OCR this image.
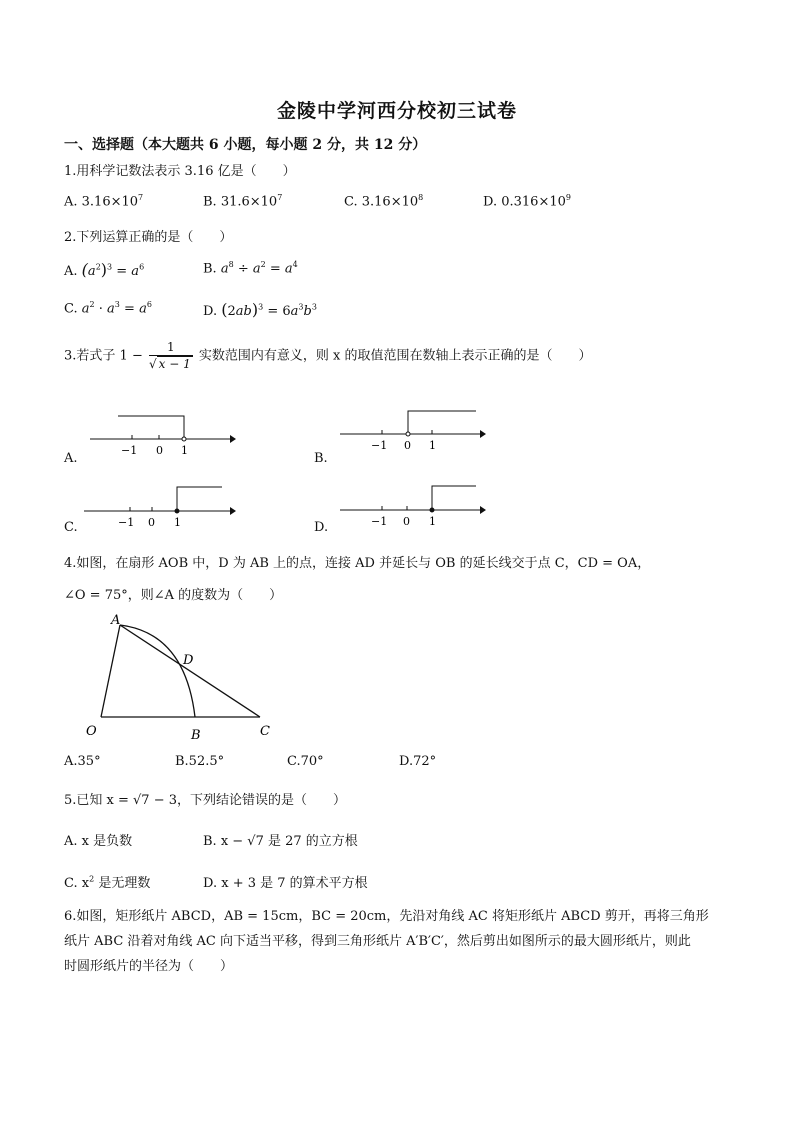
金陵中学河西分校初三试卷
一、选择题（本大题共 6 小题，每小题 2 分，共 12 分）
1.用科学记数法表示 3.16 亿是（　　）
A. $3.16\times 10^7$	B. $31.6\times 10^7$	C. $3.16\times 10^8$	D. $0.316\times 10^9$
2.下列运算正确的是（　　）
A. $(a^2)^3 = a^6$	B. $a^8 \div a^2 = a^4$
C. $a^2 \cdot a^3 = a^6$	D. $(2ab)^3 = 6a^3b^3$
3.若式子 $1 - \frac{1}{√ x - 1}$ 实数范围内有意义，则 x 的取值范围在数轴上表示正确的是（　　）
A.
−1 0 1
B.
−1 0 1
C.	−1 0 1	D.	−1 0 1
4.如图，在扇形 AOB 中，D 为 AB 上的点，连接 AD 并延长与 OB 的延长线交于点 C，CD = OA，
∠O = 75°，则∠A 的度数为（　　）
A
D
O	B	C
A.35°	B.52.5°	C.70°	D.72°
5.已知 x = √7 − 3，下列结论错误的是（　　）
A. x 是负数	B. x − √7 是 27 的立方根
C. $x^2$ 是无理数	D. x + 3 是 7 的算术平方根
6.如图，矩形纸片 ABCD，AB = 15cm，BC = 20cm，先沿对角线 AC 将矩形纸片 ABCD 剪开，再将三角形
纸片 ABC 沿着对角线 AC 向下适当平移，得到三角形纸片 A′B′C′，然后剪出如图所示的最大圆形纸片，则此
时圆形纸片的半径为（　　）
